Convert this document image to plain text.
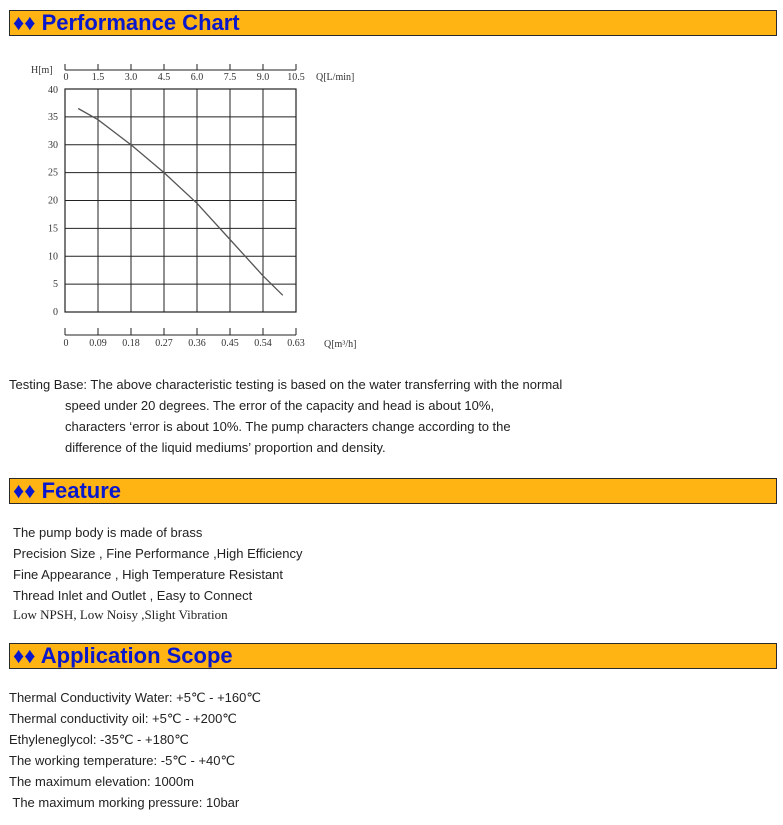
♦♦ Performance Chart
0 1.5 3.0 4.5 6.0 7.5 9.0 10.5
H[m]
Q[L/min]
40
35
30
25
20
15
10
5
0
0 0.09 0.18 0.27 0.36 0.45 0.54 0.63 Q[m³/h]
Testing Base: The above characteristic testing is based on the water transferring with the normal
speed under 20 degrees. The error of the capacity and head is about 10%,
characters ‘error is about 10%. The pump characters change according to the
difference of the liquid mediums’ proportion and density.
♦♦ Feature
The pump body is made of brass
Precision Size , Fine Performance ,High Efficiency
Fine Appearance , High Temperature Resistant
Thread Inlet and Outlet , Easy to Connect
Low NPSH, Low Noisy ,Slight Vibration
♦♦ Application Scope
Thermal Conductivity Water: +5℃ - +160℃
Thermal conductivity oil: +5℃ - +200℃
Ethyleneglycol: -35℃ - +180℃
The working temperature: -5℃ - +40℃
The maximum elevation: 1000m
The maximum morking pressure: 10bar
